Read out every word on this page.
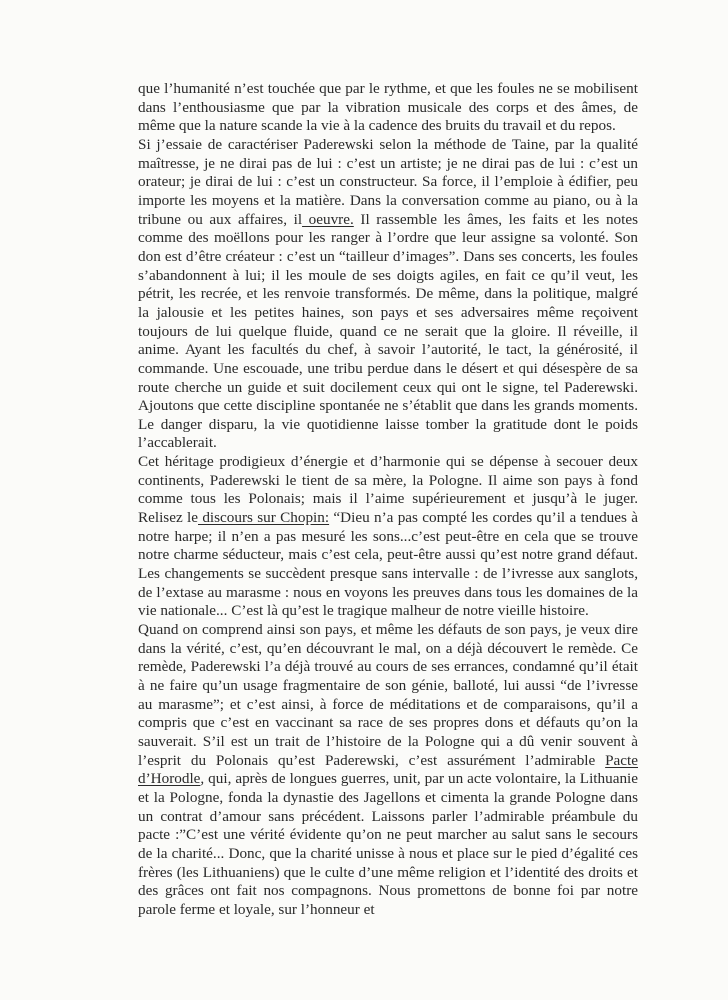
que l’humanité n’est touchée que par le rythme, et que les foules ne se mobilisent dans l’enthousiasme que par la vibration musicale des corps et des âmes, de même que la nature scande la vie à la cadence des bruits du travail et du repos.

Si j’essaie de caractériser Paderewski selon la méthode de Taine, par la qualité maîtresse, je ne dirai pas de lui : c’est un artiste; je ne dirai pas de lui : c’est un orateur; je dirai de lui : c’est un constructeur. Sa force, il l’emploie à édifier, peu importe les moyens et la matière. Dans la conversation comme au piano, ou à la tribune ou aux affaires, il oeuvre. Il rassemble les âmes, les faits et les notes comme des moëllons pour les ranger à l’ordre que leur assigne sa volonté. Son don est d’être créateur : c’est un “tailleur d’images”. Dans ses concerts, les foules s’abandonnent à lui; il les moule de ses doigts agiles, en fait ce qu’il veut, les pétrit, les recrée, et les renvoie transformés. De même, dans la politique, malgré la jalousie et les petites haines, son pays et ses adversaires même reçoivent toujours de lui quelque fluide, quand ce ne serait que la gloire. Il réveille, il anime. Ayant les facultés du chef, à savoir l’autorité, le tact, la générosité, il commande. Une escouade, une tribu perdue dans le désert et qui désespère de sa route cherche un guide et suit docilement ceux qui ont le signe, tel Paderewski. Ajoutons que cette discipline spontanée ne s’établit que dans les grands moments. Le danger disparu, la vie quotidienne laisse tomber la gratitude dont le poids l’accablerait.

Cet héritage prodigieux d’énergie et d’harmonie qui se dépense à secouer deux continents, Paderewski le tient de sa mère, la Pologne. Il aime son pays à fond comme tous les Polonais; mais il l’aime supérieurement et jusqu’à le juger. Relisez le discours sur Chopin: “Dieu n’a pas compté les cordes qu’il a tendues à notre harpe; il n’en a pas mesuré les sons...c’est peut-être en cela que se trouve notre charme séducteur, mais c’est cela, peut-être aussi qu’est notre grand défaut. Les changements se succèdent presque sans intervalle : de l’ivresse aux sanglots, de l’extase au marasme : nous en voyons les preuves dans tous les domaines de la vie nationale... C’est là qu’est le tragique malheur de notre vieille histoire.

Quand on comprend ainsi son pays, et même les défauts de son pays, je veux dire dans la vérité, c’est, qu’en découvrant le mal, on a déjà découvert le remède. Ce remède, Paderewski l’a déjà trouvé au cours de ses errances, condamné qu’il était à ne faire qu’un usage fragmentaire de son génie, balloté, lui aussi “de l’ivresse au marasme”; et c’est ainsi, à force de méditations et de comparaisons, qu’il a compris que c’est en vaccinant sa race de ses propres dons et défauts qu’on la sauverait. S’il est un trait de l’histoire de la Pologne qui a dû venir souvent à l’esprit du Polonais qu’est Paderewski, c’est assurément l’admirable Pacte d’Horodle, qui, après de longues guerres, unit, par un acte volontaire, la Lithuanie et la Pologne, fonda la dynastie des Jagellons et cimenta la grande Pologne dans un contrat d’amour sans précédent. Laissons parler l’admirable préambule du pacte :”C’est une vérité évidente qu’on ne peut marcher au salut sans le secours de la charité... Donc, que la charité unisse à nous et place sur le pied d’égalité ces frères (les Lithuaniens) que le culte d’une même religion et l’identité des droits et des grâces ont fait nos compagnons. Nous promettons de bonne foi par notre parole ferme et loyale, sur l’honneur et
